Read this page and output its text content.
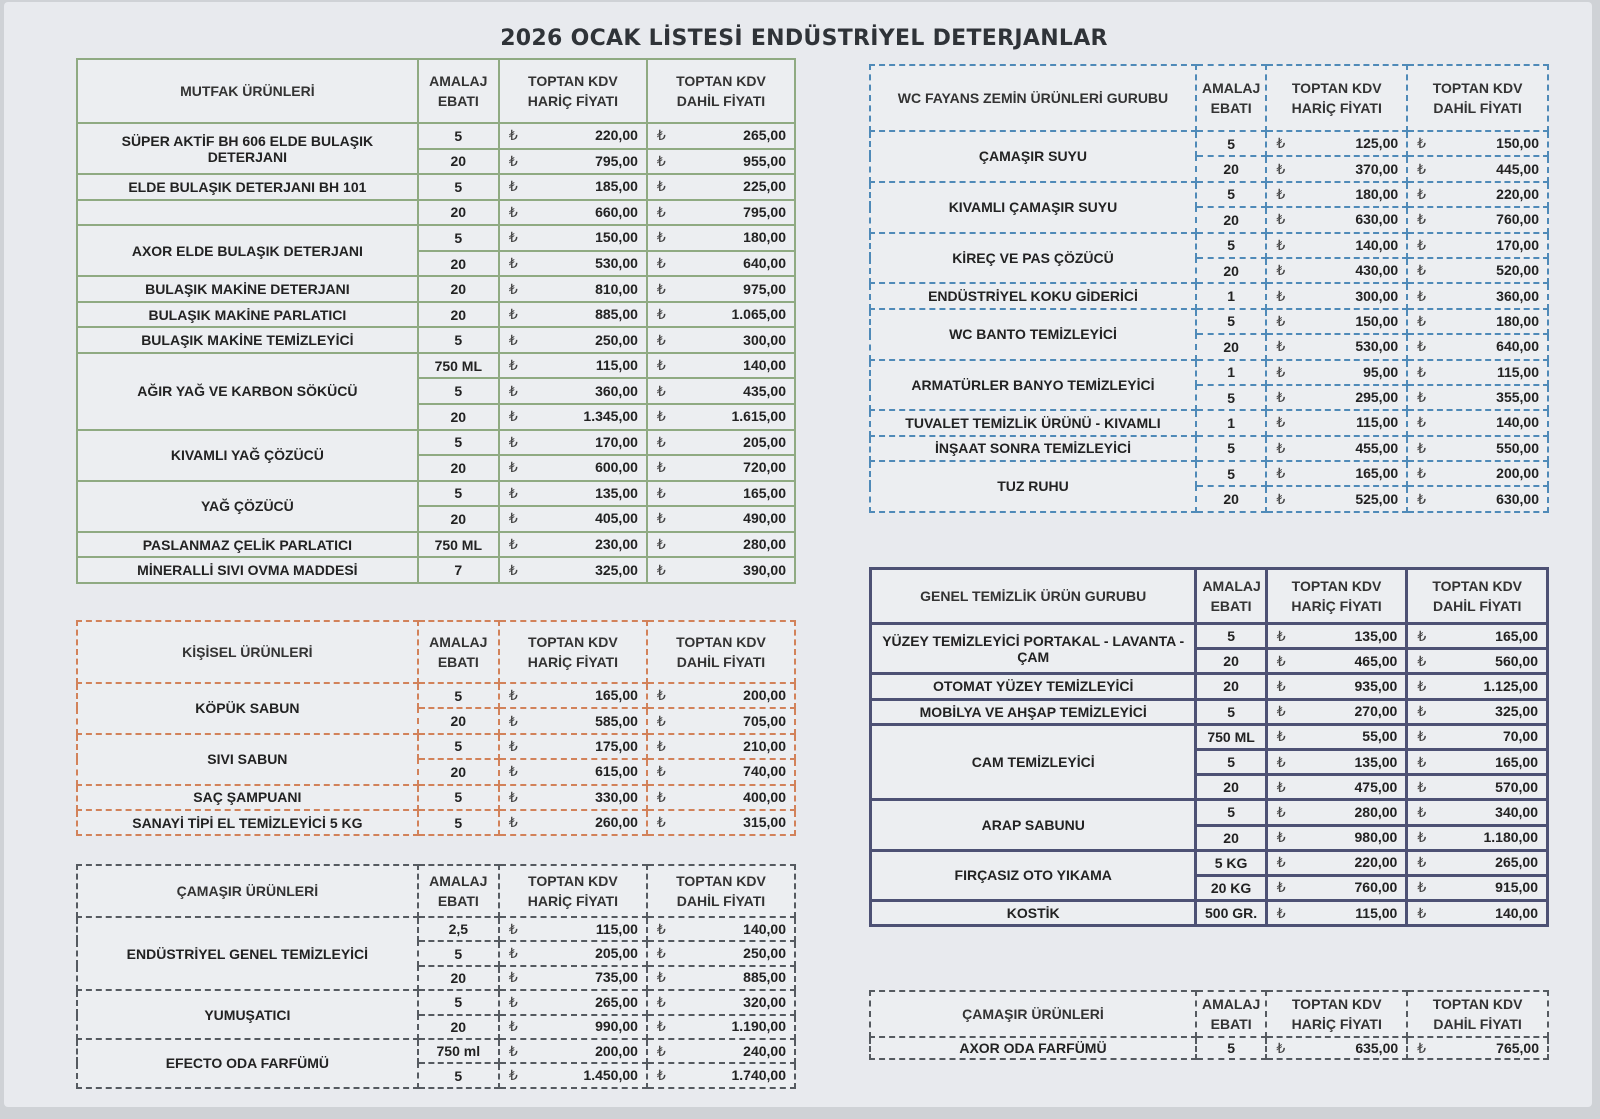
2026 OCAK LİSTESİ ENDÜSTRİYEL DETERJANLAR
MUTFAK ÜRÜNLERİ	AMALAJ EBATI	TOPTAN KDV HARİÇ FİYATI	TOPTAN KDV DAHİL FİYATI
SÜPER AKTİF BH 606 ELDE BULAŞIK DETERJANI	5	₺ 220,00	₺ 265,00
	20	₺ 795,00	₺ 955,00
ELDE BULAŞIK DETERJANI BH 101	5	₺ 185,00	₺ 225,00
	20	₺ 660,00	₺ 795,00
AXOR ELDE BULAŞIK DETERJANI	5	₺ 150,00	₺ 180,00
	20	₺ 530,00	₺ 640,00
BULAŞIK MAKİNE DETERJANI	20	₺ 810,00	₺ 975,00
BULAŞIK MAKİNE PARLATICI	20	₺ 885,00	₺ 1.065,00
BULAŞIK MAKİNE TEMİZLEYİCİ	5	₺ 250,00	₺ 300,00
AĞIR YAĞ VE KARBON SÖKÜCÜ	750 ML	₺ 115,00	₺ 140,00
	5	₺ 360,00	₺ 435,00
	20	₺ 1.345,00	₺ 1.615,00
KIVAMLI YAĞ ÇÖZÜCÜ	5	₺ 170,00	₺ 205,00
	20	₺ 600,00	₺ 720,00
YAĞ ÇÖZÜCÜ	5	₺ 135,00	₺ 165,00
	20	₺ 405,00	₺ 490,00
PASLANMAZ ÇELİK PARLATICI	750 ML	₺ 230,00	₺ 280,00
MİNERALLİ SIVI OVMA MADDESİ	7	₺ 325,00	₺ 390,00
KİŞİSEL ÜRÜNLERİ	AMALAJ EBATI	TOPTAN KDV HARİÇ FİYATI	TOPTAN KDV DAHİL FİYATI
KÖPÜK SABUN	5	₺ 165,00	₺ 200,00
	20	₺ 585,00	₺ 705,00
SIVI SABUN	5	₺ 175,00	₺ 210,00
	20	₺ 615,00	₺ 740,00
SAÇ ŞAMPUANI	5	₺ 330,00	₺ 400,00
SANAYİ TİPİ EL TEMİZLEYİCİ 5 KG	5	₺ 260,00	₺ 315,00
ÇAMAŞIR ÜRÜNLERİ	AMALAJ EBATI	TOPTAN KDV HARİÇ FİYATI	TOPTAN KDV DAHİL FİYATI
ENDÜSTRİYEL GENEL TEMİZLEYİCİ	2,5	₺ 115,00	₺ 140,00
	5	₺ 205,00	₺ 250,00
	20	₺ 735,00	₺ 885,00
YUMUŞATICI	5	₺ 265,00	₺ 320,00
	20	₺ 990,00	₺ 1.190,00
EFECTO ODA FARFÜMÜ	750 ml	₺ 200,00	₺ 240,00
	5	₺ 1.450,00	₺ 1.740,00
WC FAYANS ZEMİN ÜRÜNLERİ GURUBU	AMALAJ EBATI	TOPTAN KDV HARİÇ FİYATI	TOPTAN KDV DAHİL FİYATI
ÇAMAŞIR SUYU	5	₺ 125,00	₺ 150,00
	20	₺ 370,00	₺ 445,00
KIVAMLI ÇAMAŞIR SUYU	5	₺ 180,00	₺ 220,00
	20	₺ 630,00	₺ 760,00
KİREÇ VE PAS ÇÖZÜCÜ	5	₺ 140,00	₺ 170,00
	20	₺ 430,00	₺ 520,00
ENDÜSTRİYEL KOKU GİDERİCİ	1	₺ 300,00	₺ 360,00
WC BANTO TEMİZLEYİCİ	5	₺ 150,00	₺ 180,00
	20	₺ 530,00	₺ 640,00
ARMATÜRLER BANYO TEMİZLEYİCİ	1	₺ 95,00	₺ 115,00
	5	₺ 295,00	₺ 355,00
TUVALET TEMİZLİK ÜRÜNÜ - KIVAMLI	1	₺ 115,00	₺ 140,00
İNŞAAT SONRA TEMİZLEYİCİ	5	₺ 455,00	₺ 550,00
TUZ RUHU	5	₺ 165,00	₺ 200,00
	20	₺ 525,00	₺ 630,00
GENEL TEMİZLİK ÜRÜN GURUBU	AMALAJ EBATI	TOPTAN KDV HARİÇ FİYATI	TOPTAN KDV DAHİL FİYATI
YÜZEY TEMİZLEYİCİ PORTAKAL - LAVANTA - ÇAM	5	₺ 135,00	₺ 165,00
	20	₺ 465,00	₺ 560,00
OTOMAT YÜZEY TEMİZLEYİCİ	20	₺ 935,00	₺ 1.125,00
MOBİLYA VE AHŞAP TEMİZLEYİCİ	5	₺ 270,00	₺ 325,00
CAM TEMİZLEYİCİ	750 ML	₺ 55,00	₺ 70,00
	5	₺ 135,00	₺ 165,00
	20	₺ 475,00	₺ 570,00
ARAP SABUNU	5	₺ 280,00	₺ 340,00
	20	₺ 980,00	₺ 1.180,00
FIRÇASIZ OTO YIKAMA	5 KG	₺ 220,00	₺ 265,00
	20 KG	₺ 760,00	₺ 915,00
KOSTİK	500 GR.	₺ 115,00	₺ 140,00
ÇAMAŞIR ÜRÜNLERİ	AMALAJ EBATI	TOPTAN KDV HARİÇ FİYATI	TOPTAN KDV DAHİL FİYATI
AXOR ODA FARFÜMÜ	5	₺ 635,00	₺ 765,00
